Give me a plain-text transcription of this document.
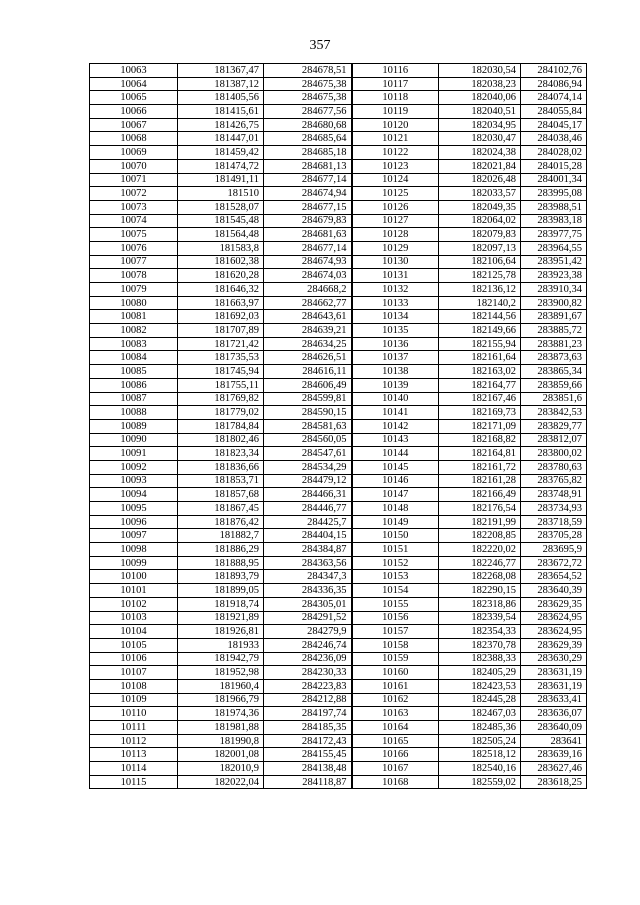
357
10063	181367,47	284678,51	10116	182030,54	284102,76
10064	181387,12	284675,38	10117	182038,23	284086,94
10065	181405,56	284675,38	10118	182040,06	284074,14
10066	181415,61	284677,56	10119	182040,51	284055,84
10067	181426,75	284680,68	10120	182034,95	284045,17
10068	181447,01	284685,64	10121	182030,47	284038,46
10069	181459,42	284685,18	10122	182024,38	284028,02
10070	181474,72	284681,13	10123	182021,84	284015,28
10071	181491,11	284677,14	10124	182026,48	284001,34
10072	181510	284674,94	10125	182033,57	283995,08
10073	181528,07	284677,15	10126	182049,35	283988,51
10074	181545,48	284679,83	10127	182064,02	283983,18
10075	181564,48	284681,63	10128	182079,83	283977,75
10076	181583,8	284677,14	10129	182097,13	283964,55
10077	181602,38	284674,93	10130	182106,64	283951,42
10078	181620,28	284674,03	10131	182125,78	283923,38
10079	181646,32	284668,2	10132	182136,12	283910,34
10080	181663,97	284662,77	10133	182140,2	283900,82
10081	181692,03	284643,61	10134	182144,56	283891,67
10082	181707,89	284639,21	10135	182149,66	283885,72
10083	181721,42	284634,25	10136	182155,94	283881,23
10084	181735,53	284626,51	10137	182161,64	283873,63
10085	181745,94	284616,11	10138	182163,02	283865,34
10086	181755,11	284606,49	10139	182164,77	283859,66
10087	181769,82	284599,81	10140	182167,46	283851,6
10088	181779,02	284590,15	10141	182169,73	283842,53
10089	181784,84	284581,63	10142	182171,09	283829,77
10090	181802,46	284560,05	10143	182168,82	283812,07
10091	181823,34	284547,61	10144	182164,81	283800,02
10092	181836,66	284534,29	10145	182161,72	283780,63
10093	181853,71	284479,12	10146	182161,28	283765,82
10094	181857,68	284466,31	10147	182166,49	283748,91
10095	181867,45	284446,77	10148	182176,54	283734,93
10096	181876,42	284425,7	10149	182191,99	283718,59
10097	181882,7	284404,15	10150	182208,85	283705,28
10098	181886,29	284384,87	10151	182220,02	283695,9
10099	181888,95	284363,56	10152	182246,77	283672,72
10100	181893,79	284347,3	10153	182268,08	283654,52
10101	181899,05	284336,35	10154	182290,15	283640,39
10102	181918,74	284305,01	10155	182318,86	283629,35
10103	181921,89	284291,52	10156	182339,54	283624,95
10104	181926,81	284279,9	10157	182354,33	283624,95
10105	181933	284246,74	10158	182370,78	283629,39
10106	181942,79	284236,09	10159	182388,33	283630,29
10107	181952,98	284230,33	10160	182405,29	283631,19
10108	181960,4	284223,83	10161	182423,53	283631,19
10109	181966,79	284212,88	10162	182445,28	283633,41
10110	181974,36	284197,74	10163	182467,03	283636,07
10111	181981,88	284185,35	10164	182485,36	283640,09
10112	181990,8	284172,43	10165	182505,24	283641
10113	182001,08	284155,45	10166	182518,12	283639,16
10114	182010,9	284138,48	10167	182540,16	283627,46
10115	182022,04	284118,87	10168	182559,02	283618,25
